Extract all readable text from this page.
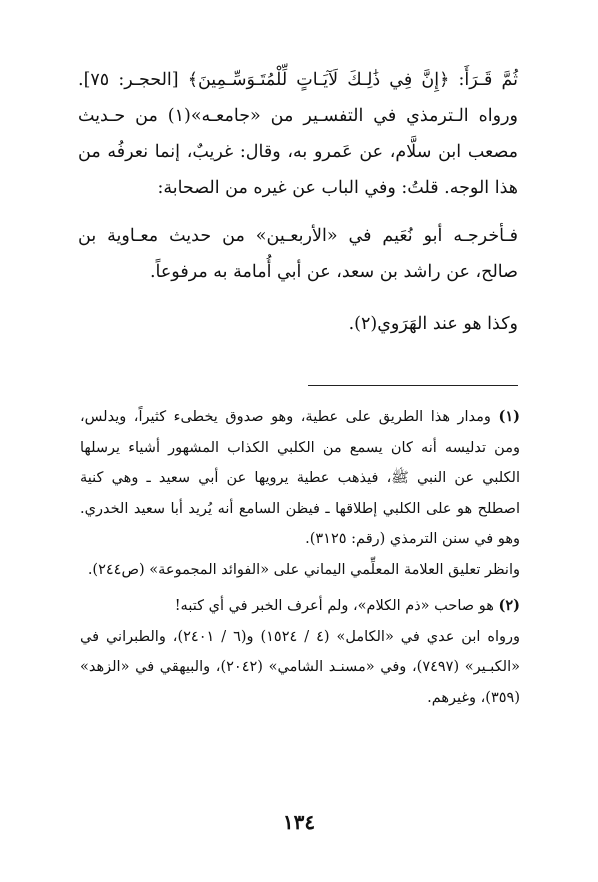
ثُمَّ قَـرَأَ: ﴿إِنَّ فِي ذَٰلِـكَ لَآيَـاتٍ لِّلْمُتَـوَسِّـمِينَ﴾ [الحجـر: ٧٥]. ورواه الـترمذي في التفسـير من «جامعـه»(١) من حـديث مصعب ابن سلَّام، عن عَمرو به، وقال: غريبٌ، إنما نعرفُه من هذا الوجه. قلتُ: وفي الباب عن غيره من الصحابة:

فـأخرجـه أبو نُعَيم في «الأربعـين» من حديث معـاوية بن صالح، عن راشد بن سعد، عن أبي أُمامة به مرفوعاً.

وكذا هو عند الهَرَوي(٢).

(١) ومدار هذا الطريق على عطية، وهو صدوق يخطىء كثيراً، ويدلس، ومن تدليسه أنه كان يسمع من الكلبي الكذاب المشهور أشياء يرسلها الكلبي عن النبي ﷺ، فيذهب عطية يرويها عن أبي سعيد ـ وهي كنية اصطلح هو على الكلبي إطلاقها ـ فيظن السامع أنه يُريد أبا سعيد الخدري. وهو في سنن الترمذي (رقم: ٣١٢٥).

وانظر تعليق العلامة المعلِّمي اليماني على «الفوائد المجموعة» (ص٢٤٤).

(٢) هو صاحب «ذم الكلام»، ولم أعرف الخبر في أي كتبه!

ورواه ابن عدي في «الكامل» (٤ / ١٥٢٤) و(٦ / ٢٤٠١)، والطبراني في «الكبـير» (٧٤٩٧)، وفي «مسنـد الشامي» (٢٠٤٢)، والبيهقي في «الزهد» (٣٥٩)، وغيرهم.

١٣٤
